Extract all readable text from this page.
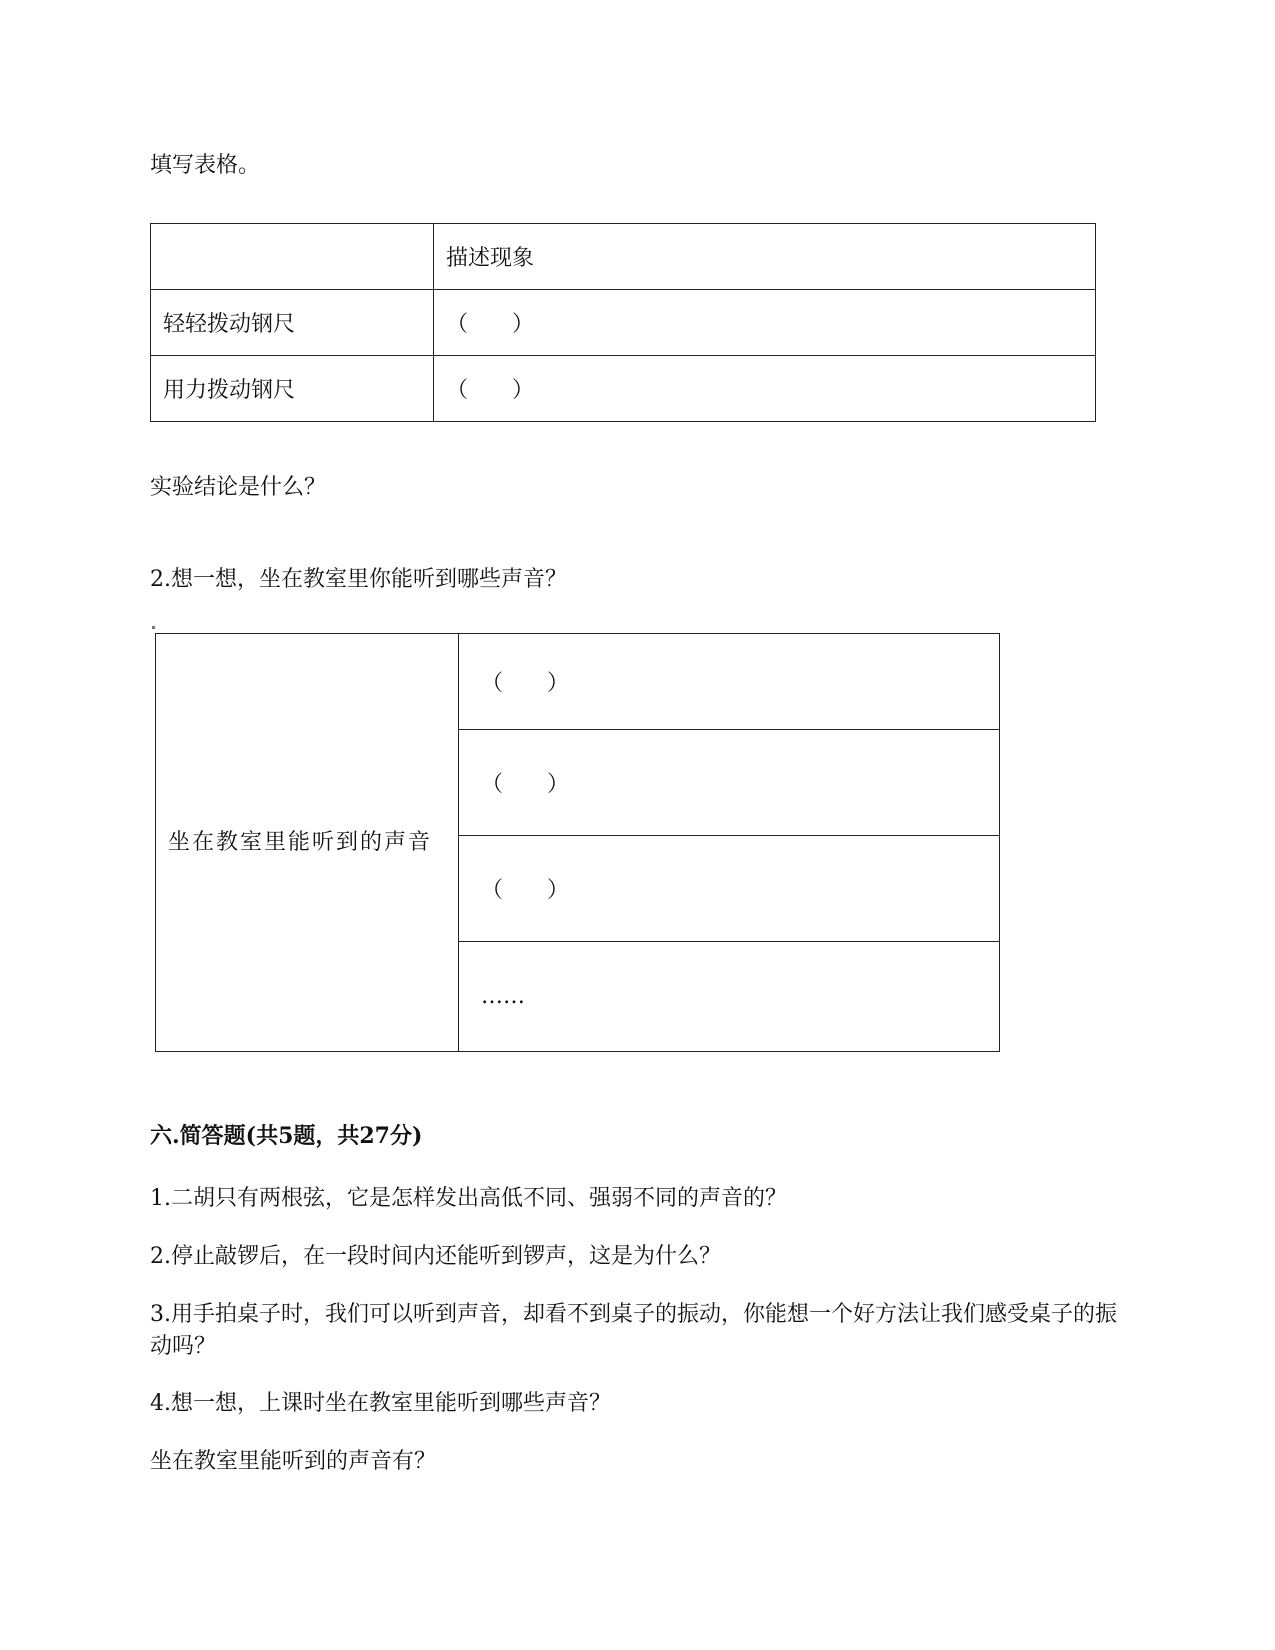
填写表格。
	描述现象
轻轻拨动钢尺	（　　）
用力拨动钢尺	（　　）
实验结论是什么？
2.想一想，坐在教室里你能听到哪些声音？
坐在教室里能听到的声音	（　　）
（　　）
（　　）
……
六.简答题(共5题，共27分)
1.二胡只有两根弦，它是怎样发出高低不同、强弱不同的声音的？
2.停止敲锣后，在一段时间内还能听到锣声，这是为什么？
3.用手拍桌子时，我们可以听到声音，却看不到桌子的振动，你能想一个好方法让我们感受桌子的振动吗？
4.想一想，上课时坐在教室里能听到哪些声音？
坐在教室里能听到的声音有？
